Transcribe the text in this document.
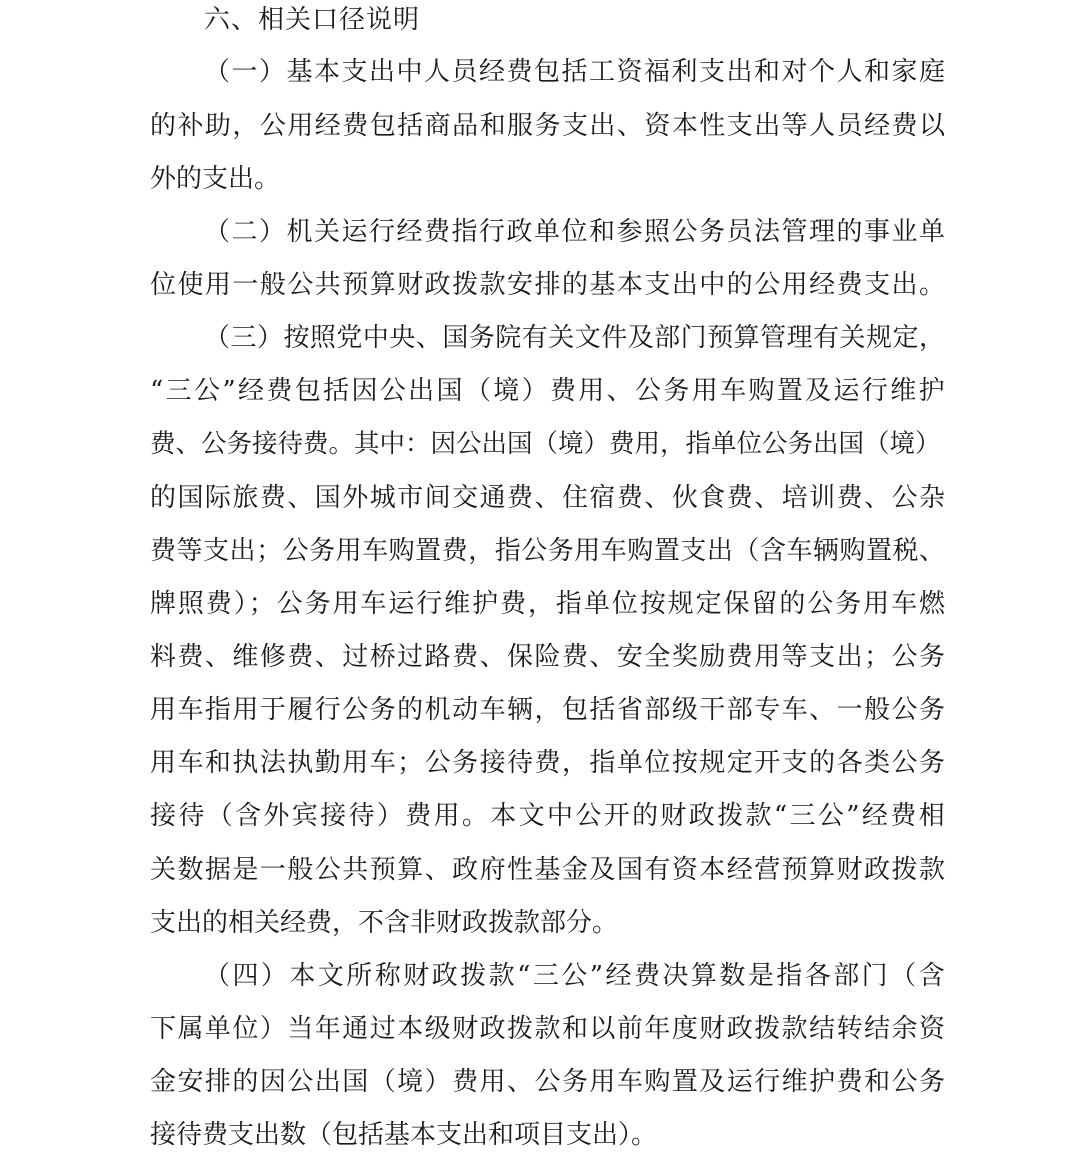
六、相关口径说明
（一）基本支出中人员经费包括工资福利支出和对个人和家庭
的补助，公用经费包括商品和服务支出、资本性支出等人员经费以
外的支出。
（二）机关运行经费指行政单位和参照公务员法管理的事业单
位使用一般公共预算财政拨款安排的基本支出中的公用经费支出。
（三）按照党中央、国务院有关文件及部门预算管理有关规定，
“三公”经费包括因公出国（境）费用、公务用车购置及运行维护
费、公务接待费。其中：因公出国（境）费用，指单位公务出国（境）
的国际旅费、国外城市间交通费、住宿费、伙食费、培训费、公杂
费等支出；公务用车购置费，指公务用车购置支出（含车辆购置税、
牌照费）；公务用车运行维护费，指单位按规定保留的公务用车燃
料费、维修费、过桥过路费、保险费、安全奖励费用等支出；公务
用车指用于履行公务的机动车辆，包括省部级干部专车、一般公务
用车和执法执勤用车；公务接待费，指单位按规定开支的各类公务
接待（含外宾接待）费用。本文中公开的财政拨款“三公”经费相
关数据是一般公共预算、政府性基金及国有资本经营预算财政拨款
支出的相关经费，不含非财政拨款部分。
（四）本文所称财政拨款“三公”经费决算数是指各部门（含
下属单位）当年通过本级财政拨款和以前年度财政拨款结转结余资
金安排的因公出国（境）费用、公务用车购置及运行维护费和公务
接待费支出数（包括基本支出和项目支出）。
